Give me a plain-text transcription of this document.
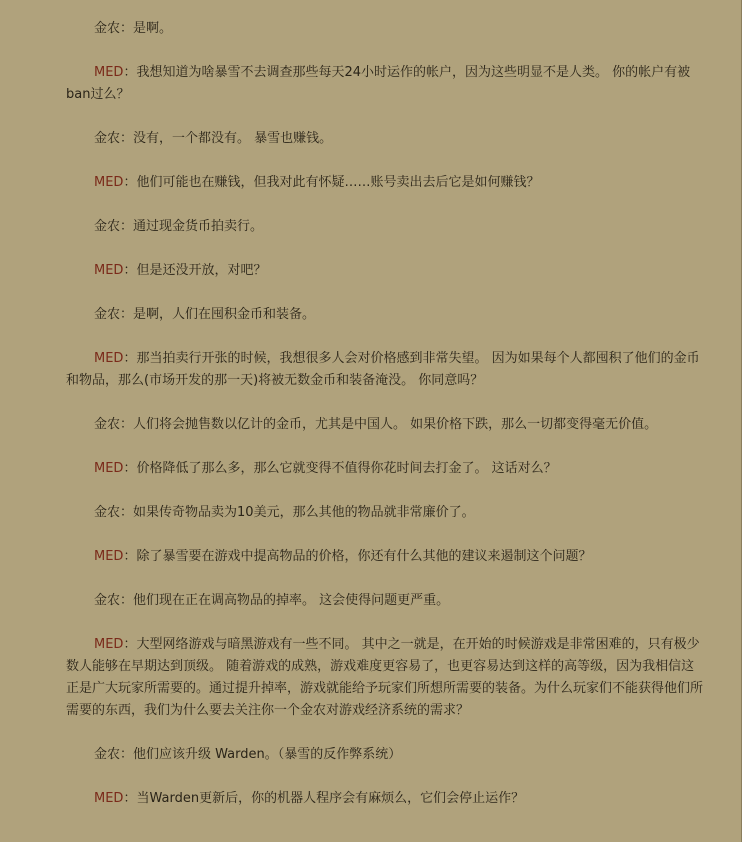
金农：是啊。

MED：我想知道为啥暴雪不去调查那些每天24小时运作的帐户，因为这些明显不是人类。 你的帐户有被ban过么？

金农：没有，一个都没有。 暴雪也赚钱。

MED：他们可能也在赚钱，但我对此有怀疑……账号卖出去后它是如何赚钱？

金农：通过现金货币拍卖行。

MED：但是还没开放，对吧？

金农：是啊，人们在囤积金币和装备。

MED：那当拍卖行开张的时候，我想很多人会对价格感到非常失望。 因为如果每个人都囤积了他们的金币和物品，那么(市场开发的那一天)将被无数金币和装备淹没。 你同意吗？

金农：人们将会抛售数以亿计的金币，尤其是中国人。 如果价格下跌，那么一切都变得毫无价值。

MED：价格降低了那么多，那么它就变得不值得你花时间去打金了。 这话对么？

金农：如果传奇物品卖为10美元，那么其他的物品就非常廉价了。

MED：除了暴雪要在游戏中提高物品的价格，你还有什么其他的建议来遏制这个问题？

金农：他们现在正在调高物品的掉率。 这会使得问题更严重。

MED：大型网络游戏与暗黑游戏有一些不同。 其中之一就是，在开始的时候游戏是非常困难的，只有极少数人能够在早期达到顶级。 随着游戏的成熟，游戏难度更容易了，也更容易达到这样的高等级，因为我相信这正是广大玩家所需要的。通过提升掉率，游戏就能给予玩家们所想所需要的装备。为什么玩家们不能获得他们所需要的东西，我们为什么要去关注你一个金农对游戏经济系统的需求？

金农：他们应该升级 Warden。（暴雪的反作弊系统）

MED：当Warden更新后，你的机器人程序会有麻烦么，它们会停止运作？
